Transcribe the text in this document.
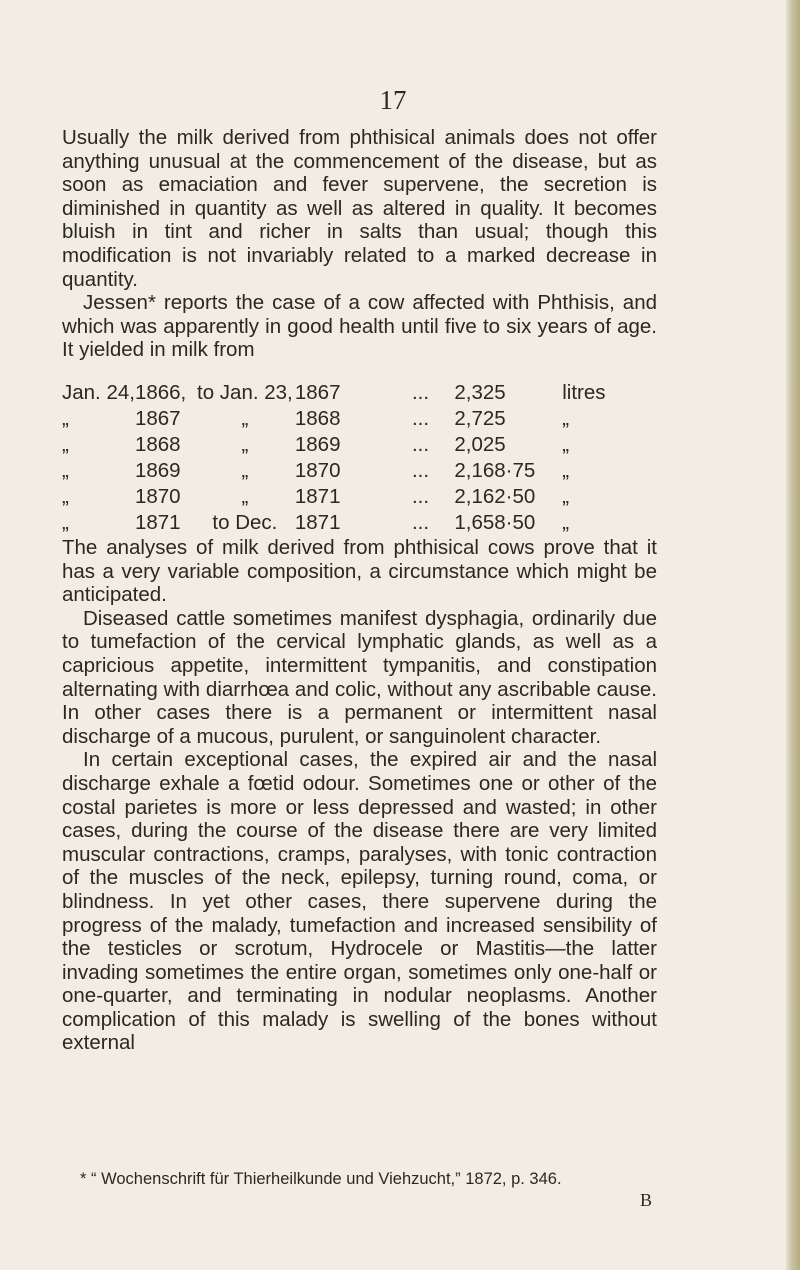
17

Usually the milk derived from phthisical animals does not offer anything unusual at the commencement of the disease, but as soon as emaciation and fever supervene, the secretion is diminished in quantity as well as altered in quality. It becomes bluish in tint and richer in salts than usual; though this modification is not invariably related to a marked decrease in quantity.

Jessen* reports the case of a cow affected with Phthisis, and which was apparently in good health until five to six years of age. It yielded in milk from

Jan. 24,	1866,	to Jan. 23,	1867	...	2,325	litres
„	1867	„	1868	...	2,725	„
„	1868	„	1869	...	2,025	„
„	1869	„	1870	...	2,168·75	„
„	1870	„	1871	...	2,162·50	„
„	1871	to Dec.	1871	...	1,658·50	„

The analyses of milk derived from phthisical cows prove that it has a very variable composition, a circumstance which might be anticipated.

Diseased cattle sometimes manifest dysphagia, ordinarily due to tumefaction of the cervical lymphatic glands, as well as a capricious appetite, intermittent tympanitis, and constipation alternating with diarrhœa and colic, without any ascribable cause. In other cases there is a permanent or intermittent nasal discharge of a mucous, purulent, or sanguinolent character.

In certain exceptional cases, the expired air and the nasal discharge exhale a fœtid odour. Sometimes one or other of the costal parietes is more or less depressed and wasted; in other cases, during the course of the disease there are very limited muscular contractions, cramps, paralyses, with tonic contraction of the muscles of the neck, epilepsy, turning round, coma, or blindness. In yet other cases, there supervene during the progress of the malady, tumefaction and increased sensibility of the testicles or scrotum, Hydrocele or Mastitis—the latter invading sometimes the entire organ, sometimes only one-half or one-quarter, and terminating in nodular neoplasms. Another complication of this malady is swelling of the bones without external

* “ Wochenschrift für Thierheilkunde und Viehzucht,” 1872, p. 346.
B
